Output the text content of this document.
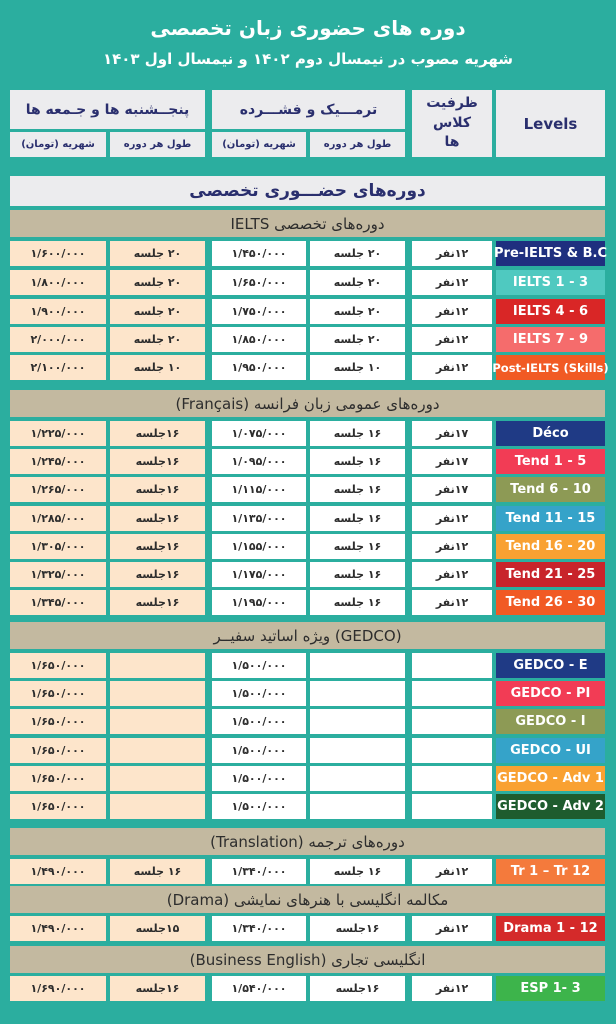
دوره های حضوری زبان تخصصی
شهریه مصوب در نیمسال دوم ۱۴۰۲ و نیمسال اول ۱۴۰۳
Levels
ظرفیت کلاس ها
ترمـــیک و فشـــرده
پنجــشنبه ها و جـمعه ها
طول هر دوره
شهریه (تومان)
طول هر دوره
شهریه (تومان)
دوره‌های حضـــوری تخصصی
دوره‌های تخصصی IELTS
Pre-IELTS & B.C
۱۲نفر
۲۰ جلسه
۱/۴۵۰/۰۰۰
۲۰ جلسه
۱/۶۰۰/۰۰۰
IELTS 1 - 3
۱۲نفر
۲۰ جلسه
۱/۶۵۰/۰۰۰
۲۰ جلسه
۱/۸۰۰/۰۰۰
IELTS 4 - 6
۱۲نفر
۲۰ جلسه
۱/۷۵۰/۰۰۰
۲۰ جلسه
۱/۹۰۰/۰۰۰
IELTS 7 - 9
۱۲نفر
۲۰ جلسه
۱/۸۵۰/۰۰۰
۲۰ جلسه
۲/۰۰۰/۰۰۰
Post-IELTS (Skills)
۱۲نفر
۱۰ جلسه
۱/۹۵۰/۰۰۰
۱۰ جلسه
۲/۱۰۰/۰۰۰
دوره‌های عمومی زبان فرانسه (Français)
Déco
۱۷نفر
۱۶ جلسه
۱/۰۷۵/۰۰۰
۱۶جلسه
۱/۲۲۵/۰۰۰
Tend 1 - 5
۱۷نفر
۱۶ جلسه
۱/۰۹۵/۰۰۰
۱۶جلسه
۱/۲۴۵/۰۰۰
Tend 6 - 10
۱۷نفر
۱۶ جلسه
۱/۱۱۵/۰۰۰
۱۶جلسه
۱/۲۶۵/۰۰۰
Tend 11 - 15
۱۲نفر
۱۶ جلسه
۱/۱۳۵/۰۰۰
۱۶جلسه
۱/۲۸۵/۰۰۰
Tend 16 - 20
۱۲نفر
۱۶ جلسه
۱/۱۵۵/۰۰۰
۱۶جلسه
۱/۳۰۵/۰۰۰
Tend 21 - 25
۱۲نفر
۱۶ جلسه
۱/۱۷۵/۰۰۰
۱۶جلسه
۱/۳۲۵/۰۰۰
Tend 26 - 30
۱۲نفر
۱۶ جلسه
۱/۱۹۵/۰۰۰
۱۶جلسه
۱/۳۴۵/۰۰۰
(GEDCO) ویژه اساتید سفیــر
GEDCO - E
۱/۵۰۰/۰۰۰
۱/۶۵۰/۰۰۰
GEDCO - PI
۱/۵۰۰/۰۰۰
۱/۶۵۰/۰۰۰
GEDCO - I
۱/۵۰۰/۰۰۰
۱/۶۵۰/۰۰۰
GEDCO - UI
۱/۵۰۰/۰۰۰
۱/۶۵۰/۰۰۰
GEDCO - Adv 1
۱/۵۰۰/۰۰۰
۱/۶۵۰/۰۰۰
GEDCO - Adv 2
۱/۵۰۰/۰۰۰
۱/۶۵۰/۰۰۰
دوره‌های ترجمه (Translation)
Tr 1 – Tr 12
۱۲نفر
۱۶ جلسه
۱/۳۴۰/۰۰۰
۱۶ جلسه
۱/۴۹۰/۰۰۰
مکالمه انگلیسی با هنرهای نمایشی (Drama)
Drama 1 - 12
۱۲نفر
۱۶جلسه
۱/۳۴۰/۰۰۰
۱۵جلسه
۱/۴۹۰/۰۰۰
انگلیسی تجاری (Business English)
ESP 1- 3
۱۲نفر
۱۶جلسه
۱/۵۴۰/۰۰۰
۱۶جلسه
۱/۶۹۰/۰۰۰
